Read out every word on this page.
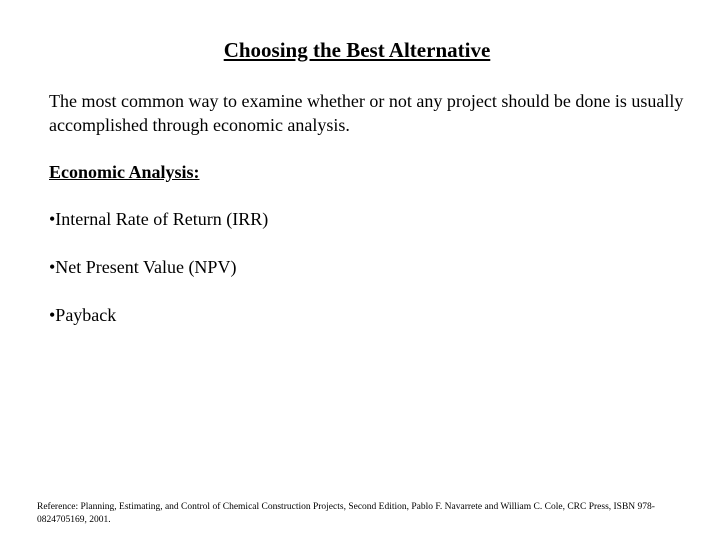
Choosing the Best Alternative

The most common way to examine whether or not any project should be done is usually accomplished through economic analysis.

Economic Analysis:

•Internal Rate of Return (IRR)
•Net Present Value (NPV)
•Payback

Reference: Planning, Estimating, and Control of Chemical Construction Projects, Second Edition, Pablo F. Navarrete and William C. Cole, CRC Press, ISBN 978-0824705169, 2001.
